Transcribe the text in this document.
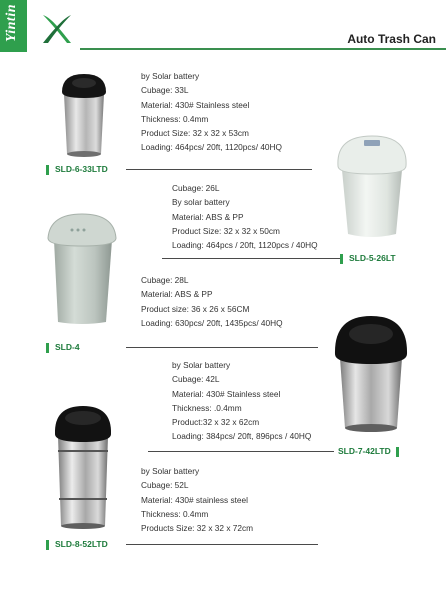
Yintin	Auto Trash Can
by Solar battery
Cubage: 33L
Material: 430# Stainless steel
Thickness: 0.4mm
Product Size: 32 x 32 x 53cm
Loading: 464pcs/ 20ft, 1120pcs/ 40HQ
SLD-6-33LTD
Cubage: 26L
By solar battery
Material: ABS & PP
Product Size: 32 x 32 x 50cm
Loading: 464pcs / 20ft, 1120pcs / 40HQ
SLD-5-26LT
Cubage: 28L
Material: ABS & PP
Product size: 36 x 26 x 56CM
Loading: 630pcs/ 20ft, 1435pcs/ 40HQ
SLD-4
by Solar battery
Cubage: 42L
Material: 430# Stainless steel
Thickness: .0.4mm
Product:32 x 32 x 62cm
Loading: 384pcs/ 20ft, 896pcs / 40HQ
SLD-7-42LTD
by Solar battery
Cubage: 52L
Material: 430# stainless steel
Thickness: 0.4mm
Products Size: 32 x 32 x 72cm
SLD-8-52LTD
